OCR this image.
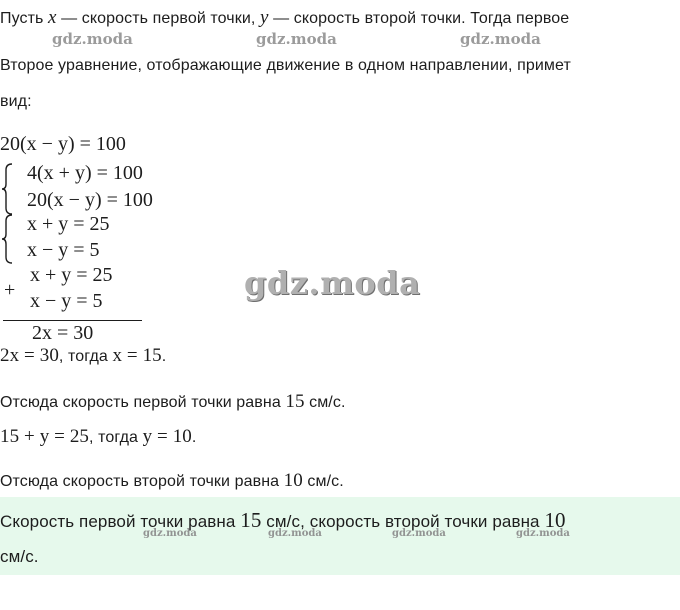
Пусть x — скорость первой точки, y — скорость второй точки. Тогда первое
gdz.moda	gdz.moda	gdz.moda
Второе уравнение, отображающие движение в одном направлении, примет
вид:
20(x − y) = 100
4(x + y) = 100
20(x − y) = 100
x + y = 25
x − y = 5
+
x + y = 25
x − y = 5
2x = 30
gdz.moda
2x = 30, тогда x = 15.
Отсюда скорость первой точки равна 15 см/с.
15 + y = 25, тогда y = 10.
Отсюда скорость второй точки равна 10 см/с.
Скорость первой точки равна 15 см/с, скорость второй точки равна 10
gdz.moda	gdz.moda	gdz.moda	gdz.moda
см/с.
